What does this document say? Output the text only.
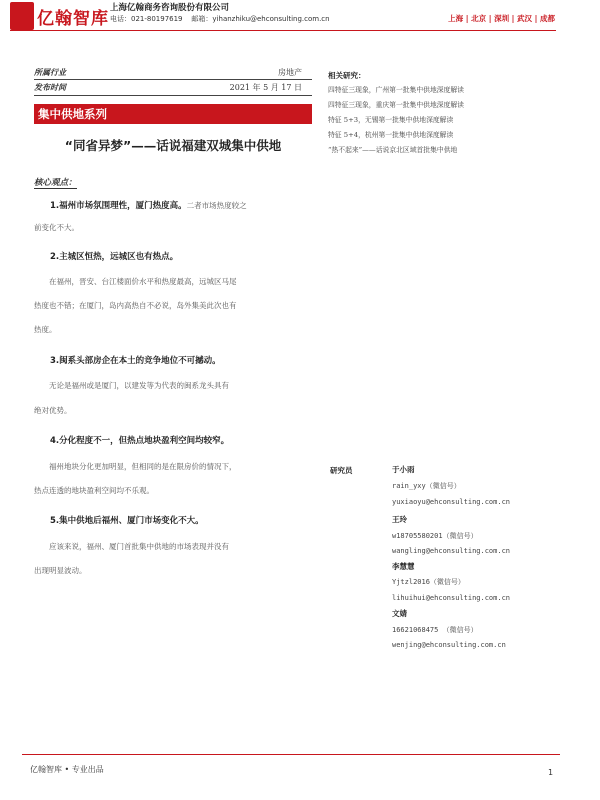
亿翰智库
上海亿翰商务咨询股份有限公司
电话：021-80197619 邮箱：yihanzhiku@ehconsulting.com.cn	上海 | 北京 | 深圳 | 武汉 | 成都
所属行业	房地产
发布时间	2021 年 5 月 17 日
集中供地系列
“同省异梦”——话说福建双城集中供地
核心观点：
1.福州市场氛围理性，厦门热度高。二者市场热度较之
前变化不大。
2.主城区恒热，远城区也有热点。
在福州，晋安、台江楼面价水平和热度最高，远城区马尾
热度也不错；在厦门，岛内高热自不必说，岛外集美此次也有
热度。
3.闽系头部房企在本土的竞争地位不可撼动。
无论是福州或是厦门，以建发等为代表的闽系龙头具有
绝对优势。
4.分化程度不一，但热点地块盈利空间均较窄。
福州地块分化更加明显，但相同的是在限房价的情况下，
热点连透的地块盈利空间均不乐观。
5.集中供地后福州、厦门市场变化不大。
应该来说，福州、厦门首批集中供地的市场表现并没有
出现明显波动。
相关研究：
四特征三现象，广州第一批集中供地深度解读
四特征三现象，重庆第一批集中供地深度解读
特征 5+3，无锡第一批集中供地深度解读
特征 5+4，杭州第一批集中供地深度解读
“热不起来”——话说京北区域首批集中供地
研究员	于小雨
rain_yxy（微信号）
yuxiaoyu@ehconsulting.com.cn
王玲
w18705580201（微信号）
wangling@ehconsulting.com.cn
李慧慧
Yjtzl2016（微信号）
lihuihui@ehconsulting.com.cn
文婧
16621068475 （微信号）
wenjing@ehconsulting.com.cn
亿翰智库 • 专业出品	1
